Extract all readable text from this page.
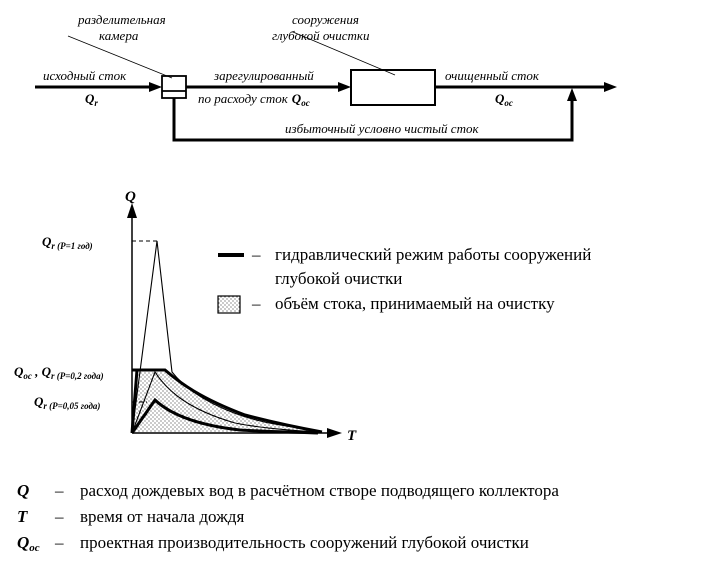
разделительная
камера
сооружения
глубокой очистки
исходный сток
$Q_r$
зарегулированный
по расходу сток $Q_{ос}$
очищенный сток
$Q_{ос}$
избыточный условно чистый сток
Q
T
$Q_{r (P=1 год)}$
$Q_{ос}$ , $Q_{r (P=0,2 года)}$
$Q_{r (P=0,05 года)}$
– гидравлический режим работы сооружений
глубокой очистки
– объём стока, принимаемый на очистку
Q – расход дождевых вод в расчётном створе подводящего коллектора
T – время от начала дождя
Qос – проектная производительность сооружений глубокой очистки
